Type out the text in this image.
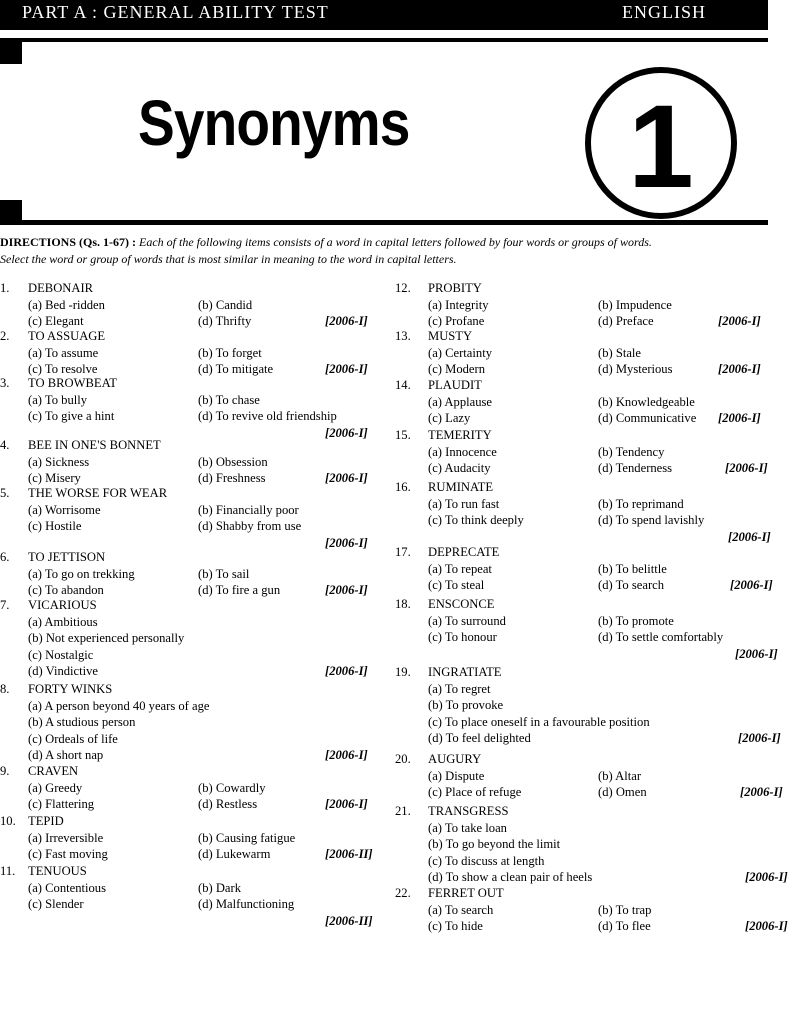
PART A : GENERAL ABILITY TEST	ENGLISH
Synonyms	1
DIRECTIONS (Qs. 1-67) : Each of the following items consists of a word in capital letters followed by four words or groups of words.
Select the word or group of words that is most similar in meaning to the word in capital letters.
1. DEBONAIR
(a) Bed -ridden	(b) Candid
(c) Elegant	(d) Thrifty	[2006-I]
2. TO ASSUAGE
(a) To assume	(b) To forget
(c) To resolve	(d) To mitigate	[2006-I]
3. TO BROWBEAT
(a) To bully	(b) To chase
(c) To give a hint	(d) To revive old friendship
[2006-I]
4. BEE IN ONE'S BONNET
(a) Sickness	(b) Obsession
(c) Misery	(d) Freshness	[2006-I]
5. THE WORSE FOR WEAR
(a) Worrisome	(b) Financially poor
(c) Hostile	(d) Shabby from use
[2006-I]
6. TO JETTISON
(a) To go on trekking	(b) To sail
(c) To abandon	(d) To fire a gun	[2006-I]
7. VICARIOUS
(a) Ambitious
(b) Not experienced personally
(c) Nostalgic
(d) Vindictive	[2006-I]
8. FORTY WINKS
(a) A person beyond 40 years of age
(b) A studious person
(c) Ordeals of life
(d) A short nap	[2006-I]
9. CRAVEN
(a) Greedy	(b) Cowardly
(c) Flattering	(d) Restless	[2006-I]
10. TEPID
(a) Irreversible	(b) Causing fatigue
(c) Fast moving	(d) Lukewarm	[2006-II]
11. TENUOUS
(a) Contentious	(b) Dark
(c) Slender	(d) Malfunctioning
[2006-II]
12. PROBITY
(a) Integrity	(b) Impudence
(c) Profane	(d) Preface	[2006-I]
13. MUSTY
(a) Certainty	(b) Stale
(c) Modern	(d) Mysterious	[2006-I]
14. PLAUDIT
(a) Applause	(b) Knowledgeable
(c) Lazy	(d) Communicative [2006-I]
15. TEMERITY
(a) Innocence	(b) Tendency
(c) Audacity	(d) Tenderness	[2006-I]
16. RUMINATE
(a) To run fast	(b) To reprimand
(c) To think deeply	(d) To spend lavishly
[2006-I]
17. DEPRECATE
(a) To repeat	(b) To belittle
(c) To steal	(d) To search	[2006-I]
18. ENSCONCE
(a) To surround	(b) To promote
(c) To honour	(d) To settle comfortably
[2006-I]
19. INGRATIATE
(a) To regret
(b) To provoke
(c) To place oneself in a favourable position
(d) To feel delighted	[2006-I]
20. AUGURY
(a) Dispute	(b) Altar
(c) Place of refuge	(d) Omen	[2006-I]
21. TRANSGRESS
(a) To take loan
(b) To go beyond the limit
(c) To discuss at length
(d) To show a clean pair of heels	[2006-I]
22. FERRET OUT
(a) To search	(b) To trap
(c) To hide	(d) To flee	[2006-I]
